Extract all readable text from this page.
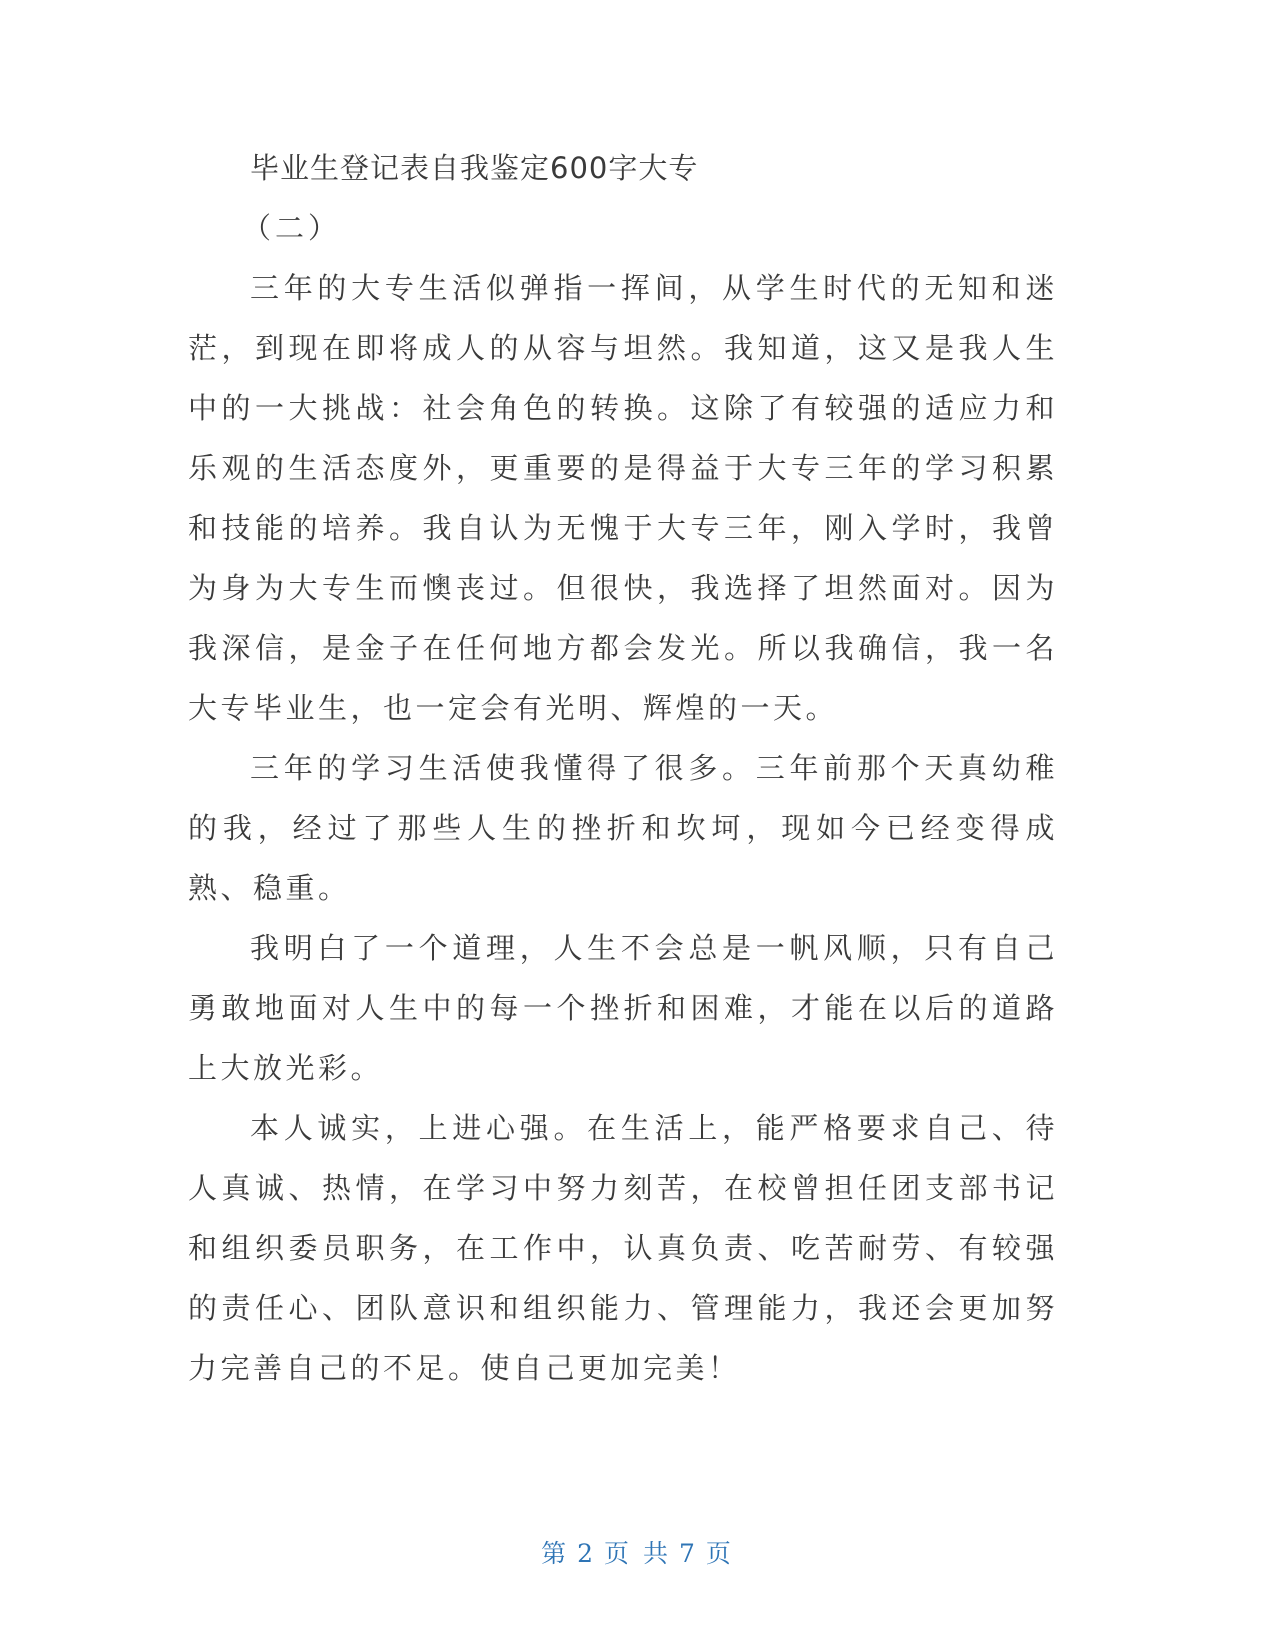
毕业生登记表自我鉴定600字大专
（二）

三年的大专生活似弹指一挥间，从学生时代的无知和迷茫，到现在即将成人的从容与坦然。我知道，这又是我人生中的一大挑战：社会角色的转换。这除了有较强的适应力和乐观的生活态度外，更重要的是得益于大专三年的学习积累和技能的培养。我自认为无愧于大专三年，刚入学时，我曾为身为大专生而懊丧过。但很快，我选择了坦然面对。因为我深信，是金子在任何地方都会发光。所以我确信，我一名大专毕业生，也一定会有光明、辉煌的一天。

三年的学习生活使我懂得了很多。三年前那个天真幼稚的我，经过了那些人生的挫折和坎坷，现如今已经变得成熟、稳重。

我明白了一个道理，人生不会总是一帆风顺，只有自己勇敢地面对人生中的每一个挫折和困难，才能在以后的道路上大放光彩。

本人诚实，上进心强。在生活上，能严格要求自己、待人真诚、热情，在学习中努力刻苦，在校曾担任团支部书记和组织委员职务，在工作中，认真负责、吃苦耐劳、有较强的责任心、团队意识和组织能力、管理能力，我还会更加努力完善自己的不足。使自己更加完美！

第 2 页 共 7 页
